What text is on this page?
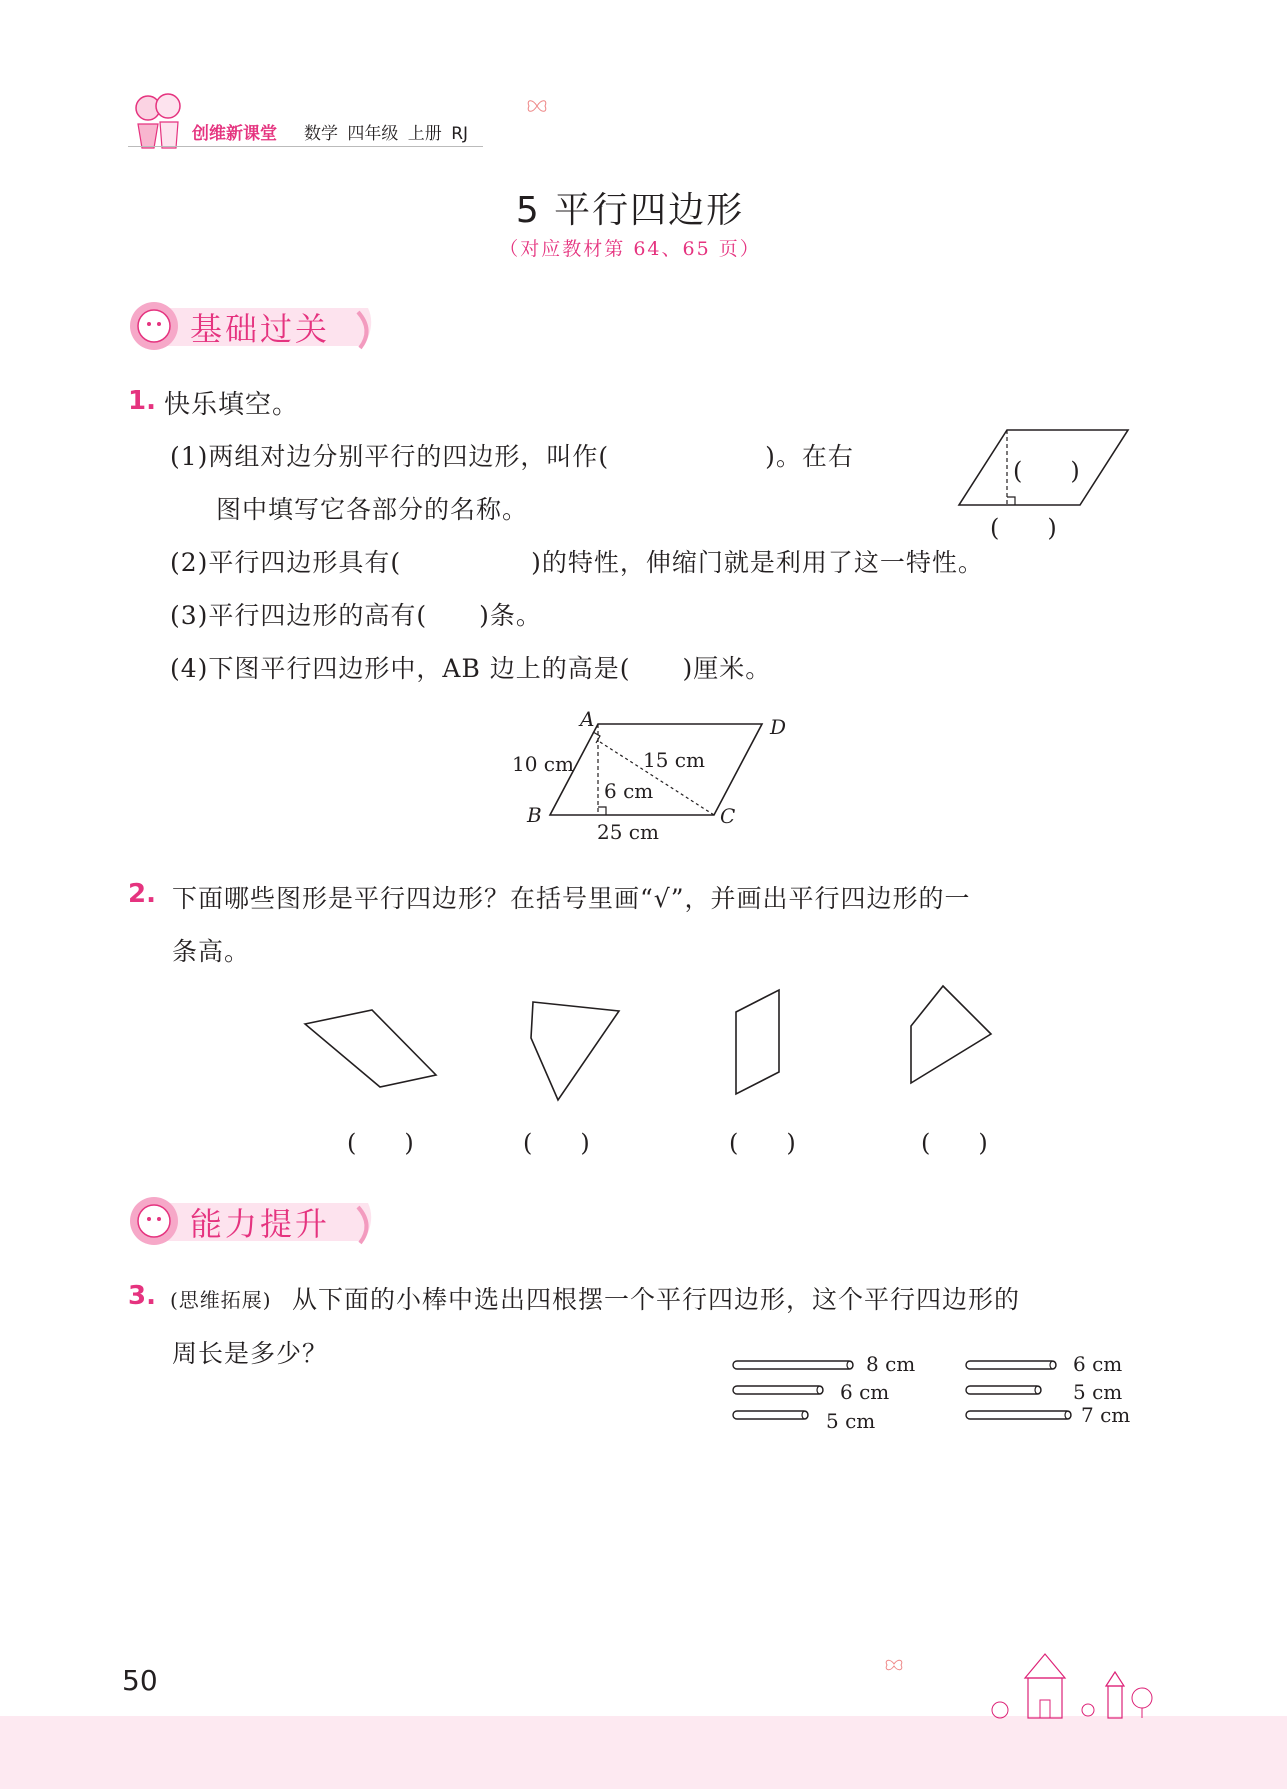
创维新课堂 数学 四年级 上册 RJ
5 平行四边形
（对应教材第 64、65 页）
基础过关
1. 快乐填空。
(1)两组对边分别平行的四边形，叫作(　　　　　　)。在右
图中填写它各部分的名称。
(　　)
(　　)
(2)平行四边形具有(　　　　　)的特性，伸缩门就是利用了这一特性。
(3)平行四边形的高有(　　)条。
(4)下图平行四边形中，AB 边上的高是(　　)厘米。
A	D
B	C
10 cm	15 cm
6 cm
25 cm
2. 下面哪些图形是平行四边形？在括号里画“√”，并画出平行四边形的一
条高。
(　　)	(　　)	(　　)	(　　)
能力提升
3. (思维拓展) 从下面的小棒中选出四根摆一个平行四边形，这个平行四边形的
周长是多少？	8 cm
6 cm
5 cm
6 cm
5 cm
7 cm
50
